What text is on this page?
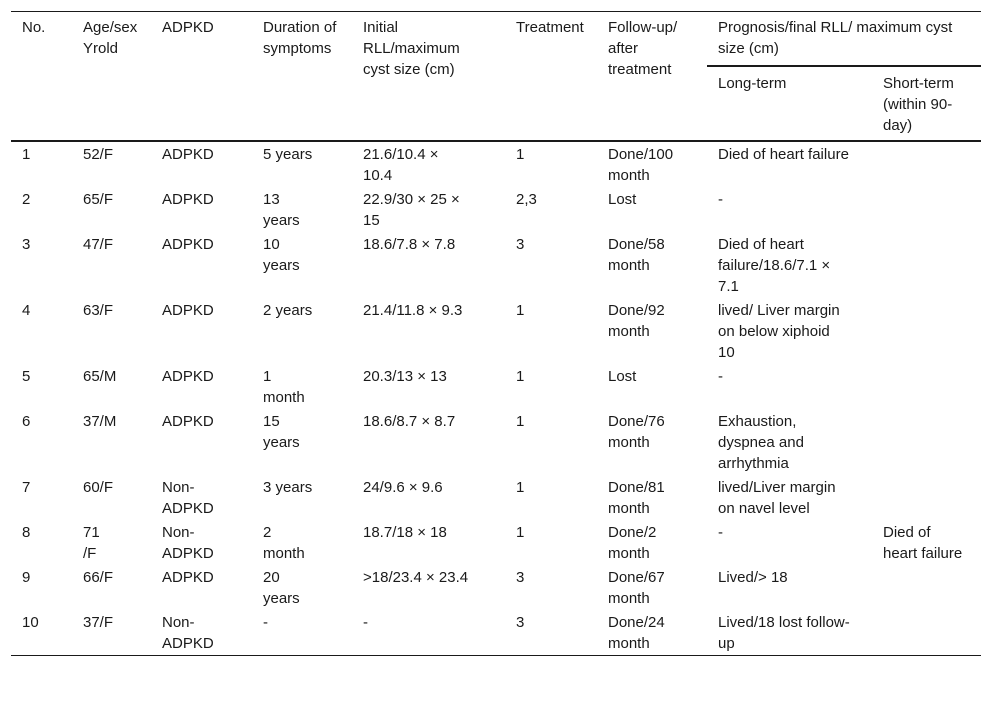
No.	Age/sex Yrold	ADPKD	Duration of symptoms	Initial RLL/maximum cyst size (cm)	Treatment	Follow-up/ after treatment	Prognosis/final RLL/ maximum cyst size (cm)	
							Long-term	Short-term (within 90-day)
1	52/F	ADPKD	5 years	21.6/10.4 × 10.4	1	Done/100 month	Died of heart failure	
2	65/F	ADPKD	13 years	22.9/30 × 25 × 15	2,3	Lost	-	
3	47/F	ADPKD	10 years	18.6/7.8 × 7.8	3	Done/58 month	Died of heart failure/18.6/7.1 × 7.1	
4	63/F	ADPKD	2 years	21.4/11.8 × 9.3	1	Done/92 month	lived/ Liver margin on below xiphoid 10	
5	65/M	ADPKD	1 month	20.3/13 × 13	1	Lost	-	
6	37/M	ADPKD	15 years	18.6/8.7 × 8.7	1	Done/76 month	Exhaustion, dyspnea and arrhythmia	
7	60/F	Non-ADPKD	3 years	24/9.6 × 9.6	1	Done/81 month	lived/Liver margin on navel level	
8	71 /F	Non-ADPKD	2 month	18.7/18 × 18	1	Done/2 month	-	Died of heart failure
9	66/F	ADPKD	20 years	>18/23.4 × 23.4	3	Done/67 month	Lived/> 18	
10	37/F	Non-ADPKD	-	-	3	Done/24 month	Lived/18 lost follow-up	
